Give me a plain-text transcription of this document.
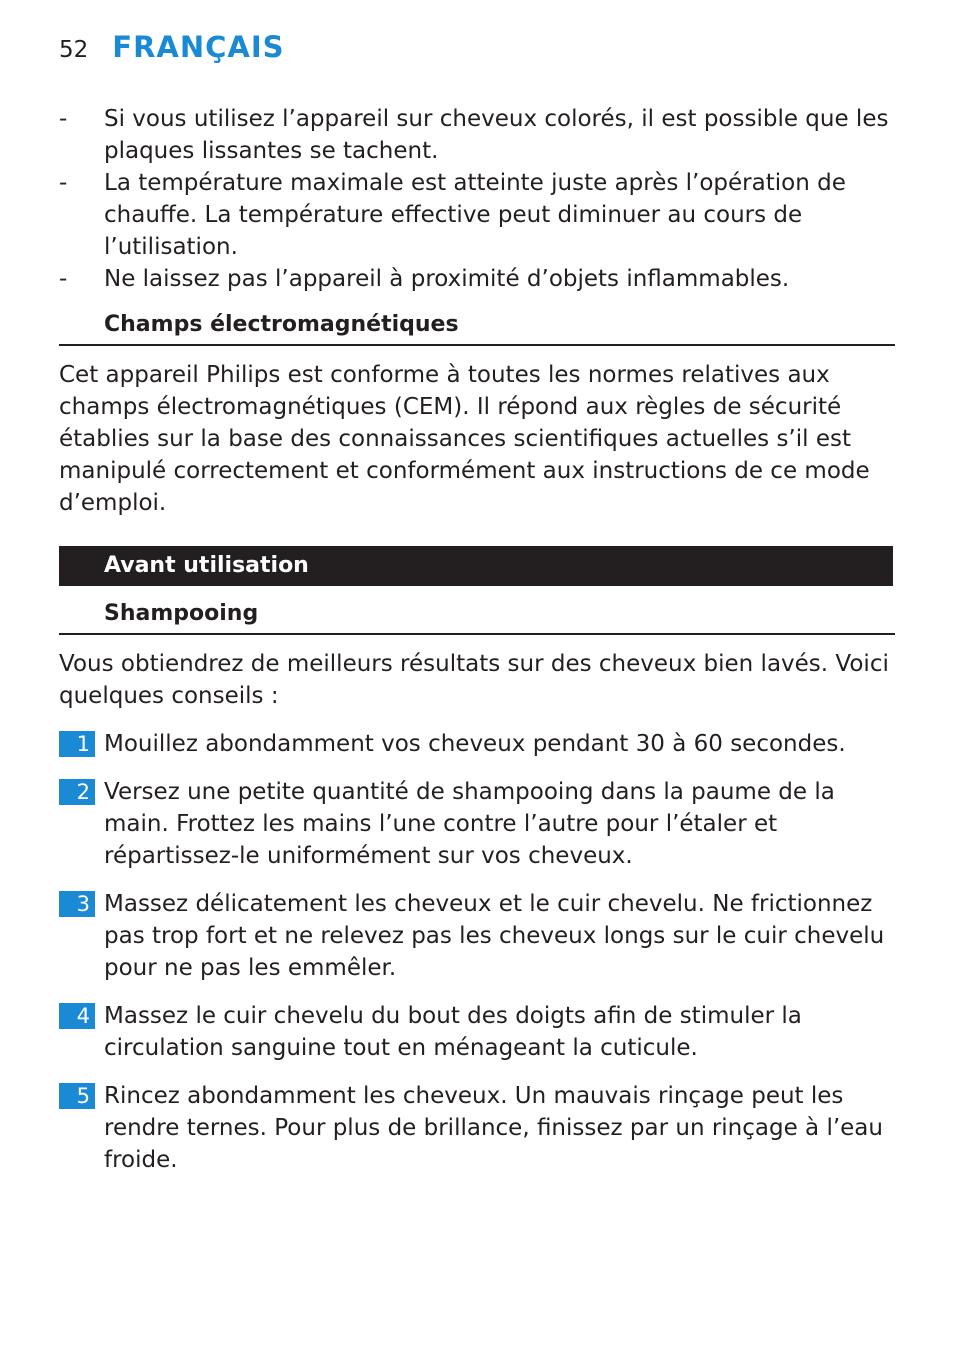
52 FRANÇAIS
- Si vous utilisez l’appareil sur cheveux colorés, il est possible que les plaques lissantes se tachent.
- La température maximale est atteinte juste après l’opération de chauffe. La température effective peut diminuer au cours de l’utilisation.
- Ne laissez pas l’appareil à proximité d’objets inflammables.
Champs électromagnétiques

Cet appareil Philips est conforme à toutes les normes relatives aux champs électromagnétiques (CEM). Il répond aux règles de sécurité établies sur la base des connaissances scientifiques actuelles s’il est manipulé correctement et conformément aux instructions de ce mode d’emploi.

Avant utilisation
Shampooing

Vous obtiendrez de meilleurs résultats sur des cheveux bien lavés. Voici quelques conseils :

1 Mouillez abondamment vos cheveux pendant 30 à 60 secondes.
2 Versez une petite quantité de shampooing dans la paume de la main. Frottez les mains l’une contre l’autre pour l’étaler et répartissez-le uniformément sur vos cheveux.
3 Massez délicatement les cheveux et le cuir chevelu. Ne frictionnez pas trop fort et ne relevez pas les cheveux longs sur le cuir chevelu pour ne pas les emmêler.
4 Massez le cuir chevelu du bout des doigts afin de stimuler la circulation sanguine tout en ménageant la cuticule.
5 Rincez abondamment les cheveux. Un mauvais rinçage peut les rendre ternes. Pour plus de brillance, finissez par un rinçage à l’eau froide.
